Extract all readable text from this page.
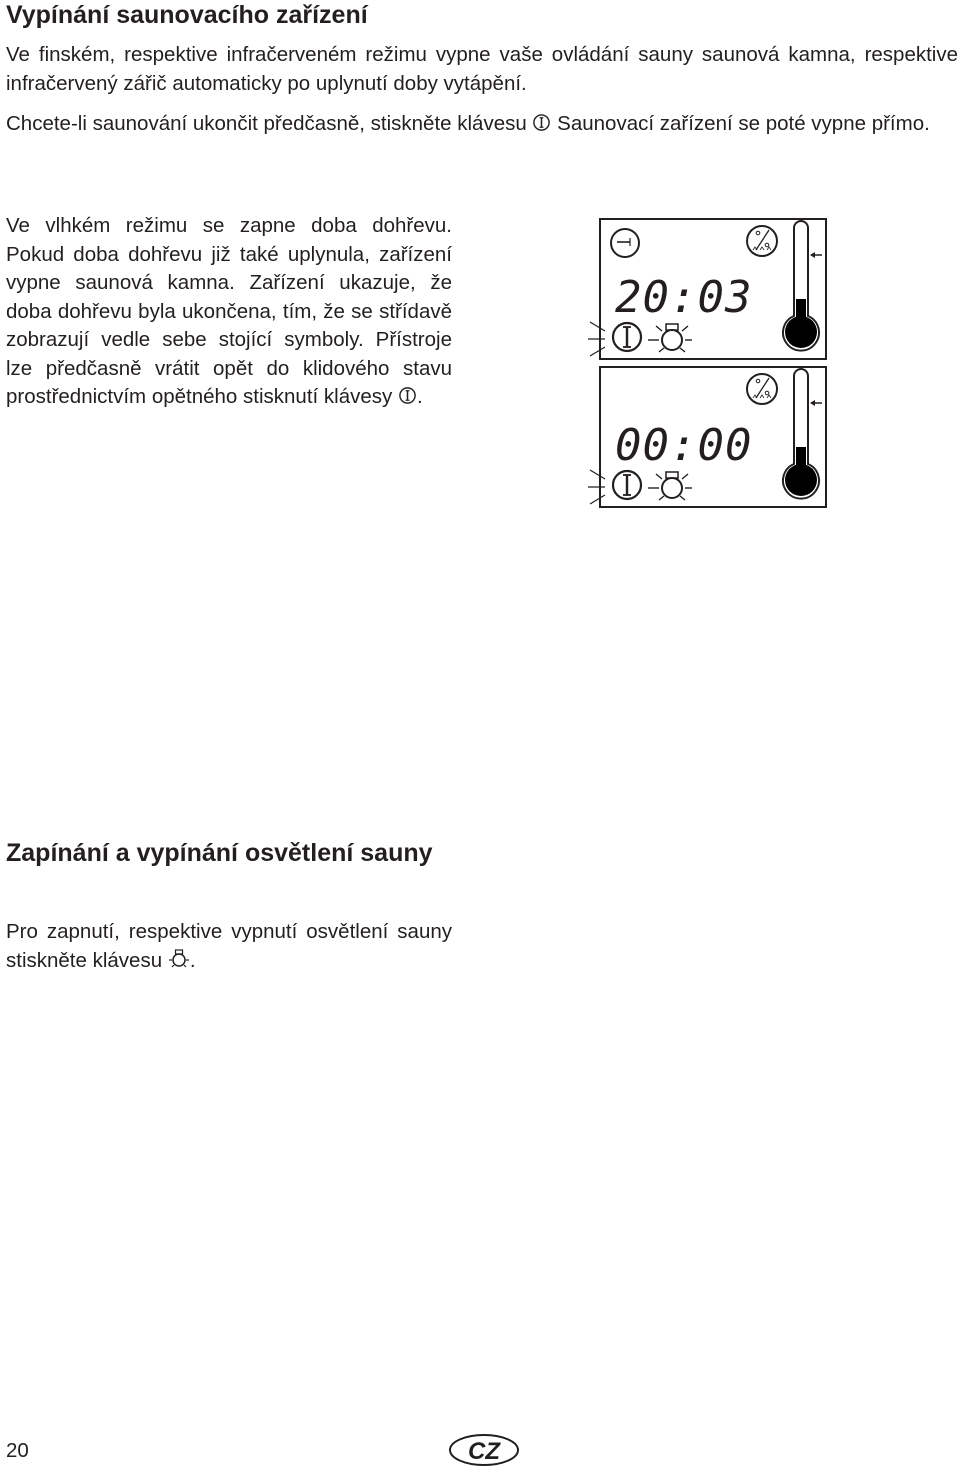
Vypínání saunovacího zařízení

Ve finském, respektive infračerveném režimu vypne vaše ovládání sauny saunová kamna, respektive infračervený zářič automaticky po uplynutí doby vytápění.

Chcete-li saunování ukončit předčasně, stiskněte klávesu Saunovací zařízení se poté vypne přímo.

Ve vlhkém režimu se zapne doba dohřevu. Pokud doba dohřevu již také uplynula, zařízení vypne saunová kamna. Zařízení ukazuje, že doba dohřevu byla ukončena, tím, že se střídavě zobrazují vedle sebe stojící symboly. Přístroje lze předčasně vrátit opět do klidového stavu prostřednictvím opětného stisknutí klávesy .

20:03
00:00
Zapínání a vypínání osvětlení sauny

Pro zapnutí, respektive vypnutí osvětlení sauny stiskněte klávesu .

20	CZ
